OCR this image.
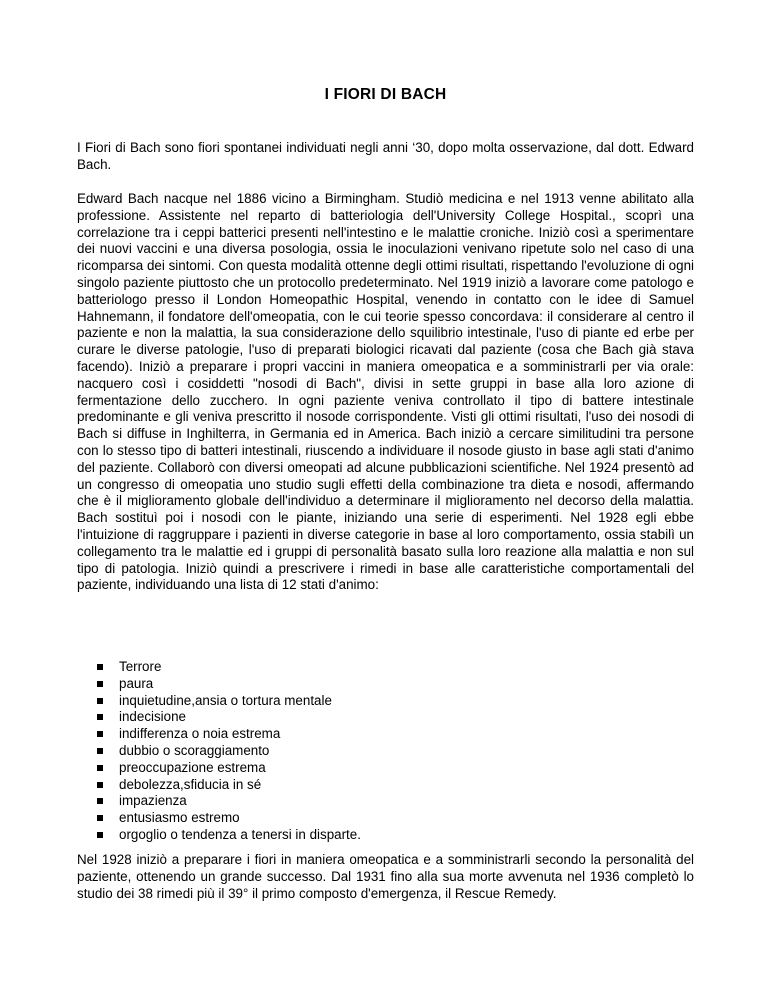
I FIORI DI BACH

I Fiori di Bach sono fiori spontanei individuati negli anni ‘30, dopo molta osservazione, dal dott. Edward Bach.

Edward Bach nacque nel 1886 vicino a Birmingham. Studiò medicina e nel 1913 venne abilitato alla professione. Assistente nel reparto di batteriologia dell'University College Hospital., scoprì una correlazione tra i ceppi batterici presenti nell'intestino e le malattie croniche. Iniziò così a sperimentare dei nuovi vaccini e una diversa posologia, ossia le inoculazioni venivano ripetute solo nel caso di una ricomparsa dei sintomi. Con questa modalità ottenne degli ottimi risultati, rispettando l'evoluzione di ogni singolo paziente piuttosto che un protocollo predeterminato. Nel 1919 iniziò a lavorare come patologo e batteriologo presso il London Homeopathic Hospital, venendo in contatto con le idee di Samuel Hahnemann, il fondatore dell'omeopatia, con le cui teorie spesso concordava: il considerare al centro il paziente e non la malattia, la sua considerazione dello squilibrio intestinale, l'uso di piante ed erbe per curare le diverse patologie, l'uso di preparati biologici ricavati dal paziente (cosa che Bach già stava facendo). Iniziò a preparare i propri vaccini in maniera omeopatica e a somministrarli per via orale: nacquero così i cosiddetti "nosodi di Bach", divisi in sette gruppi in base alla loro azione di fermentazione dello zucchero. In ogni paziente veniva controllato il tipo di battere intestinale predominante e gli veniva prescritto il nosode corrispondente. Visti gli ottimi risultati, l'uso dei nosodi di Bach si diffuse in Inghilterra, in Germania ed in America. Bach iniziò a cercare similitudini tra persone con lo stesso tipo di batteri intestinali, riuscendo a individuare il nosode giusto in base agli stati d'animo del paziente. Collaborò con diversi omeopati ad alcune pubblicazioni scientifiche. Nel 1924 presentò ad un congresso di omeopatia uno studio sugli effetti della combinazione tra dieta e nosodi, affermando che è il miglioramento globale dell'individuo a determinare il miglioramento nel decorso della malattia. Bach sostituì poi i nosodi con le piante, iniziando una serie di esperimenti. Nel 1928 egli ebbe l'intuizione di raggruppare i pazienti in diverse categorie in base al loro comportamento, ossia stabilì un collegamento tra le malattie ed i gruppi di personalità basato sulla loro reazione alla malattia e non sul tipo di patologia. Iniziò quindi a prescrivere i rimedi in base alle caratteristiche comportamentali del paziente, individuando una lista di 12 stati d'animo:

Terrore
paura
inquietudine,ansia o tortura mentale
indecisione
indifferenza o noia estrema
dubbio o scoraggiamento
preoccupazione estrema
debolezza,sfiducia in sé
impazienza
entusiasmo estremo
orgoglio o tendenza a tenersi in disparte.

Nel 1928 iniziò a preparare i fiori in maniera omeopatica e a somministrarli secondo la personalità del paziente, ottenendo un grande successo. Dal 1931 fino alla sua morte avvenuta nel 1936 completò lo studio dei 38 rimedi più il 39° il primo composto d'emergenza, il Rescue Remedy.
